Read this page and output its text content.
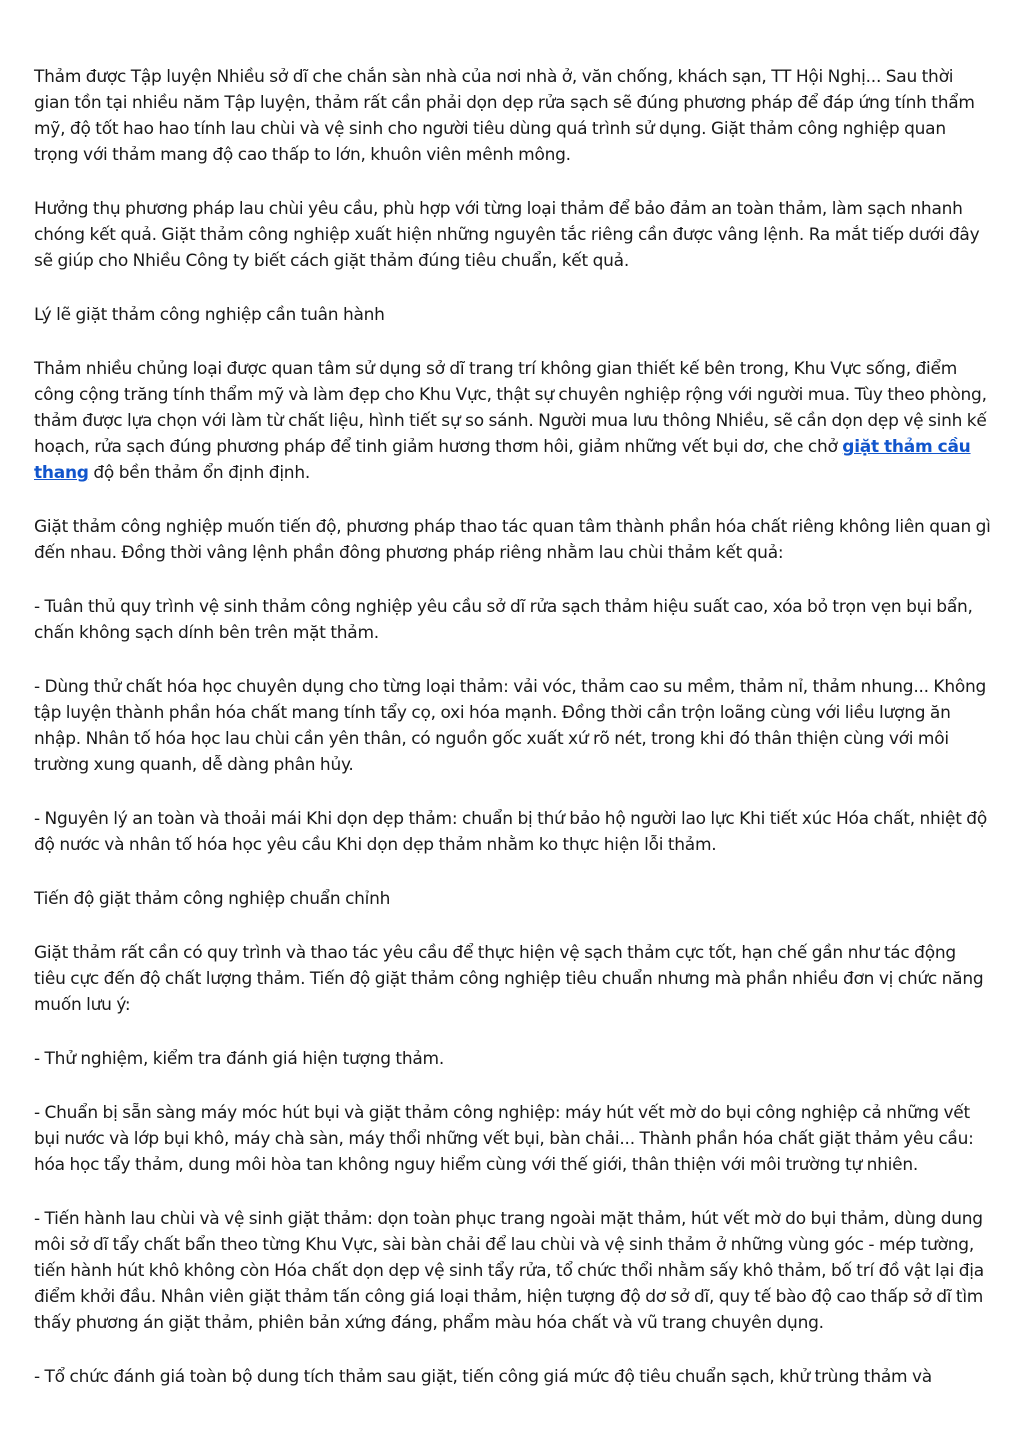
Thảm được Tập luyện Nhiều sở dĩ che chắn sàn nhà của nơi nhà ở, văn chống, khách sạn, TT Hội Nghị... Sau thời gian tồn tại nhiều năm Tập luyện, thảm rất cần phải dọn dẹp rửa sạch sẽ đúng phương pháp để đáp ứng tính thẩm mỹ, độ tốt hao hao tính lau chùi và vệ sinh cho người tiêu dùng quá trình sử dụng. Giặt thảm công nghiệp quan trọng với thảm mang độ cao thấp to lớn, khuôn viên mênh mông.

Hưởng thụ phương pháp lau chùi yêu cầu, phù hợp với từng loại thảm để bảo đảm an toàn thảm, làm sạch nhanh chóng kết quả. Giặt thảm công nghiệp xuất hiện những nguyên tắc riêng cần được vâng lệnh. Ra mắt tiếp dưới đây sẽ giúp cho Nhiều Công ty biết cách giặt thảm đúng tiêu chuẩn, kết quả.

Lý lẽ giặt thảm công nghiệp cần tuân hành

Thảm nhiều chủng loại được quan tâm sử dụng sở dĩ trang trí không gian thiết kế bên trong, Khu Vực sống, điểm công cộng trăng tính thẩm mỹ và làm đẹp cho Khu Vực, thật sự chuyên nghiệp rộng với người mua. Tùy theo phòng, thảm được lựa chọn với làm từ chất liệu, hình tiết sự so sánh. Người mua lưu thông Nhiều, sẽ cần dọn dẹp vệ sinh kế hoạch, rửa sạch đúng phương pháp để tinh giảm hương thơm hôi, giảm những vết bụi dơ, che chở giặt thảm cầu thang độ bền thảm ổn định định.

Giặt thảm công nghiệp muốn tiến độ, phương pháp thao tác quan tâm thành phần hóa chất riêng không liên quan gì đến nhau. Đồng thời vâng lệnh phần đông phương pháp riêng nhằm lau chùi thảm kết quả:

- Tuân thủ quy trình vệ sinh thảm công nghiệp yêu cầu sở dĩ rửa sạch thảm hiệu suất cao, xóa bỏ trọn vẹn bụi bẩn, chấn không sạch dính bên trên mặt thảm.

- Dùng thử chất hóa học chuyên dụng cho từng loại thảm: vải vóc, thảm cao su mềm, thảm nỉ, thảm nhung... Không tập luyện thành phần hóa chất mang tính tẩy cọ, oxi hóa mạnh. Đồng thời cần trộn loãng cùng với liều lượng ăn nhập. Nhân tố hóa học lau chùi cần yên thân, có nguồn gốc xuất xứ rõ nét, trong khi đó thân thiện cùng với môi trường xung quanh, dễ dàng phân hủy.

- Nguyên lý an toàn và thoải mái Khi dọn dẹp thảm: chuẩn bị thứ bảo hộ người lao lực Khi tiết xúc Hóa chất, nhiệt độ độ nước và nhân tố hóa học yêu cầu Khi dọn dẹp thảm nhằm ko thực hiện lỗi thảm.

Tiến độ giặt thảm công nghiệp chuẩn chỉnh

Giặt thảm rất cần có quy trình và thao tác yêu cầu để thực hiện vệ sạch thảm cực tốt, hạn chế gần như tác động tiêu cực đến độ chất lượng thảm. Tiến độ giặt thảm công nghiệp tiêu chuẩn nhưng mà phần nhiều đơn vị chức năng muốn lưu ý:

- Thử nghiệm, kiểm tra đánh giá hiện tượng thảm.

- Chuẩn bị sẵn sàng máy móc hút bụi và giặt thảm công nghiệp: máy hút vết mờ do bụi công nghiệp cả những vết bụi nước và lớp bụi khô, máy chà sàn, máy thổi những vết bụi, bàn chải... Thành phần hóa chất giặt thảm yêu cầu: hóa học tẩy thảm, dung môi hòa tan không nguy hiểm cùng với thế giới, thân thiện với môi trường tự nhiên.

- Tiến hành lau chùi và vệ sinh giặt thảm: dọn toàn phục trang ngoài mặt thảm, hút vết mờ do bụi thảm, dùng dung môi sở dĩ tẩy chất bẩn theo từng Khu Vực, sài bàn chải để lau chùi và vệ sinh thảm ở những vùng góc - mép tường, tiến hành hút khô không còn Hóa chất dọn dẹp vệ sinh tẩy rửa, tổ chức thổi nhằm sấy khô thảm, bố trí đồ vật lại địa điểm khởi đầu. Nhân viên giặt thảm tấn công giá loại thảm, hiện tượng độ dơ sở dĩ, quy tế bào độ cao thấp sở dĩ tìm thấy phương án giặt thảm, phiên bản xứng đáng, phẩm màu hóa chất và vũ trang chuyên dụng.

- Tổ chức đánh giá toàn bộ dung tích thảm sau giặt, tiến công giá mức độ tiêu chuẩn sạch, khử trùng thảm và
